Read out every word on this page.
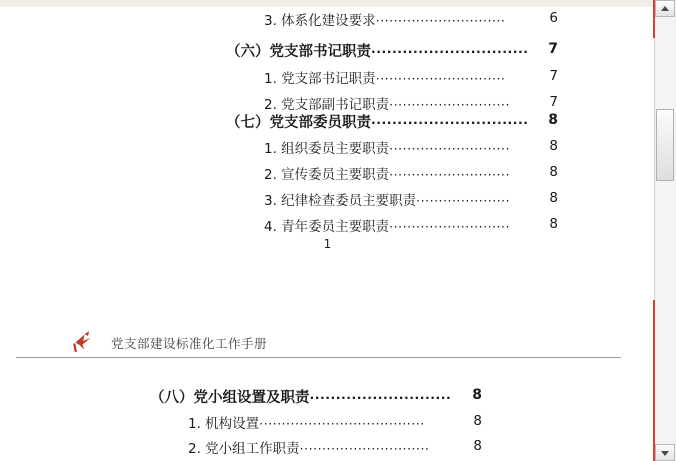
3. 体系化建设要求 ·····························	6
（六）党支部书记职责 ······························	7
1. 党支部书记职责 ·····························	7
2. 党支部副书记职责 ···························	7
（七）党支部委员职责 ······························	8
1. 组织委员主要职责 ···························	8
2. 宣传委员主要职责 ···························	8
3. 纪律检查委员主要职责 ·····················	8
4. 青年委员主要职责 ···························	8
（八）党小组设置及职责 ···························	8
1. 机构设置 ·····································	8
2. 党小组工作职责 ·····························	8
1
党支部建设标准化工作手册
